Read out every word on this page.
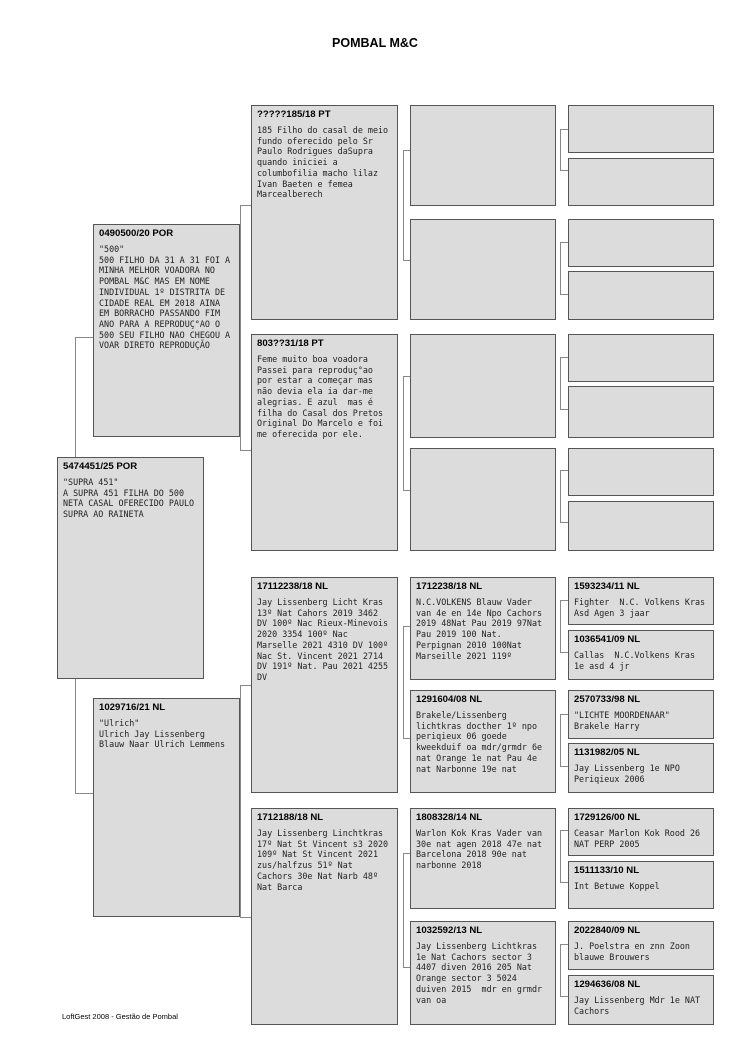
POMBAL M&C
5474451/25 POR
"SUPRA 451"
A SUPRA 451 FILHA DO 500 NETA CASAL OFERECIDO PAULO SUPRA AO RAINETA
0490500/20 POR
"500"
500 FILHO DA 31 A 31 FOI A MINHA MELHOR VOADORA NO POMBAL M&C MAS EM NOME INDIVIDUAL 1º DISTRITA DE CIDADE REAL EM 2018 AINA EM BORRACHO PASSANDO FIM ANO PARA A REPRODUÇ°AO O 500 SEU FILHO NAO CHEGOU A VOAR DIRETO REPRODUÇÃO
1029716/21 NL
"Ulrich"
Ulrich Jay Lissenberg Blauw Naar Ulrich Lemmens
?????185/18 PT
185 Filho do casal de meio fundo oferecido pelo Sr Paulo Rodrigues daSupra quando iniciei a columbofilia macho lilaz Ivan Baeten e femea Marcealberech
803??31/18 PT
Feme muito boa voadora Passei para reproduç°ao por estar a começar mas não devia ela ia dar-me alegrias. E azul  mas é filha do Casal dos Pretos Original Do Marcelo e foi me oferecida por ele.
17112238/18 NL
Jay Lissenberg Licht Kras 13º Nat Cahors 2019 3462 DV 100º Nac Rieux-Minevois 2020 3354 100º Nac Marselle 2021 4310 DV 100º Nac St. Vincent 2021 2714 DV 191º Nat. Pau 2021 4255 DV
1712188/18 NL
Jay Lissenberg Linchtkras 17º Nat St Vincent s3 2020 109º Nat St Vincent 2021 zus/halfzus 51º Nat Cachors 30e Nat Narb 48º Nat Barca
1712238/18 NL
N.C.VOLKENS Blauw Vader van 4e en 14e Npo Cachors 2019 48Nat Pau 2019 97Nat Pau 2019 100 Nat. Perpignan 2010 100Nat Marseille 2021 119º
1291604/08 NL
Brakele/Lissenberg lichtkras docther 1º npo periqieux 06 goede kweekduif oa mdr/grmdr 6e nat Orange 1e nat Pau 4e nat Narbonne 19e nat
1808328/14 NL
Warlon Kok Kras Vader van 30e nat agen 2018 47e nat Barcelona 2018 90e nat narbonne 2018
1032592/13 NL
Jay Lissenberg Lichtkras 1e Nat Cachors sector 3 4407 diven 2016 205 Nat Orange sector 3 5024 duiven 2015  mdr en grmdr van oa
1593234/11 NL
Fighter  N.C. Volkens Kras Asd Agen 3 jaar
1036541/09 NL
Callas  N.C.Volkens Kras 1e asd 4 jr
2570733/98 NL
"LICHTE MOORDENAAR"
Brakele Harry
1131982/05 NL
Jay Lissenberg 1e NPO Periqieux 2006
1729126/00 NL
Ceasar Marlon Kok Rood 26 NAT PERP 2005
1511133/10 NL
Int Betuwe Koppel
2022840/09 NL
J. Poelstra en znn Zoon blauwe Brouwers
1294636/08 NL
Jay Lissenberg Mdr 1e NAT Cachors
LoftGest 2008 - Gestão de Pombal
